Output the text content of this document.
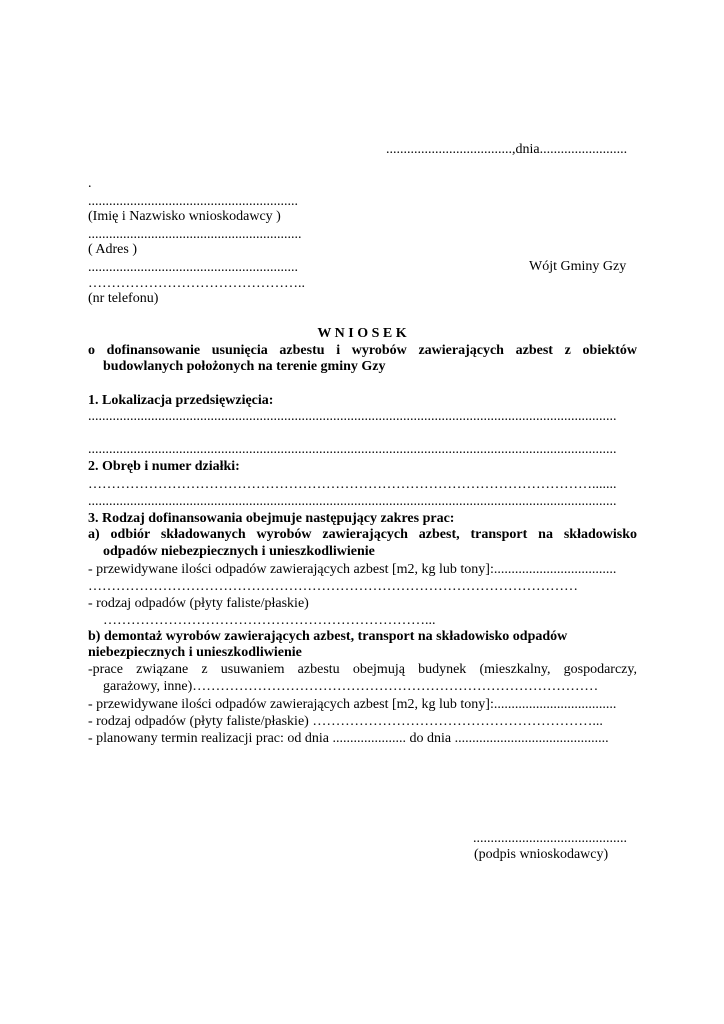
....................................,dnia.........................
.
............................................................
(Imię i Nazwisko wnioskodawcy )
.............................................................
( Adres )
............................................................
………………………………………..
(nr telefonu)
Wójt Gminy Gzy
W N I O S E K
o dofinansowanie usunięcia azbestu i wyrobów zawierających azbest z obiektów
budowlanych położonych na terenie gminy Gzy
1. Lokalizacja przedsięwzięcia:
.......................................................................................................................................................
.......................................................................................................................................................
2. Obręb i numer działki:
……………………………………………………………………………………………….......
.......................................................................................................................................................
3. Rodzaj dofinansowania obejmuje następujący zakres prac:
a) odbiór składowanych wyrobów zawierających azbest, transport na składowisko
odpadów niebezpiecznych i unieszkodliwienie
- przewidywane ilości odpadów zawierających azbest [m2, kg lub tony]:...................................
……………………………………………………………………………………………
- rodzaj odpadów (płyty faliste/płaskie)
……………………………………………………………...
b) demontaż wyrobów zawierających azbest, transport na składowisko odpadów
niebezpiecznych i unieszkodliwienie
-prace związane z usuwaniem azbestu obejmują budynek (mieszkalny, gospodarczy,
garażowy, inne)……………………………………………………………………………
- przewidywane ilości odpadów zawierających azbest [m2, kg lub tony]:...................................
- rodzaj odpadów (płyty faliste/płaskie) ……………………………………………………...
- planowany termin realizacji prac: od dnia ..................... do dnia ............................................
............................................
(podpis wnioskodawcy)
